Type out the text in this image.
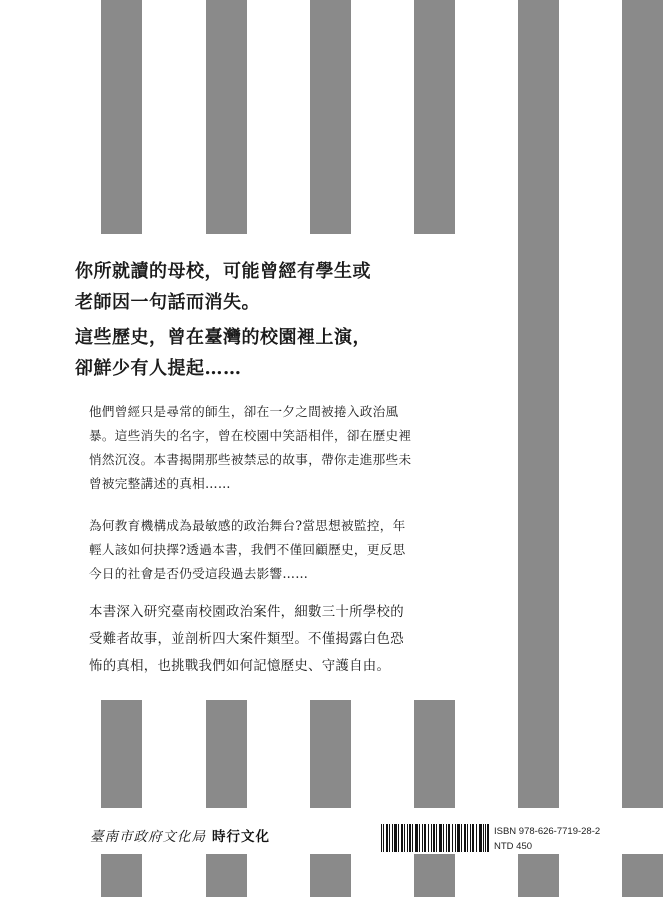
你所就讀的母校，可能曾經有學生或

老師因一句話而消失。

這些歷史，曾在臺灣的校園裡上演，

卻鮮少有人提起……

他們曾經只是尋常的師生，卻在一夕之間被捲入政治風

暴。這些消失的名字，曾在校園中笑語相伴，卻在歷史裡

悄然沉沒。本書揭開那些被禁忌的故事，帶你走進那些未

曾被完整講述的真相……

為何教育機構成為最敏感的政治舞台?當思想被監控，年

輕人該如何抉擇?透過本書，我們不僅回顧歷史，更反思

今日的社會是否仍受這段過去影響……

本書深入研究臺南校園政治案件，細數三十所學校的

受難者故事，並剖析四大案件類型。不僅揭露白色恐

怖的真相，也挑戰我們如何記憶歷史、守護自由。

臺南市政府文化局 時行文化	ISBN 978-626-7719-28-2
NTD 450
